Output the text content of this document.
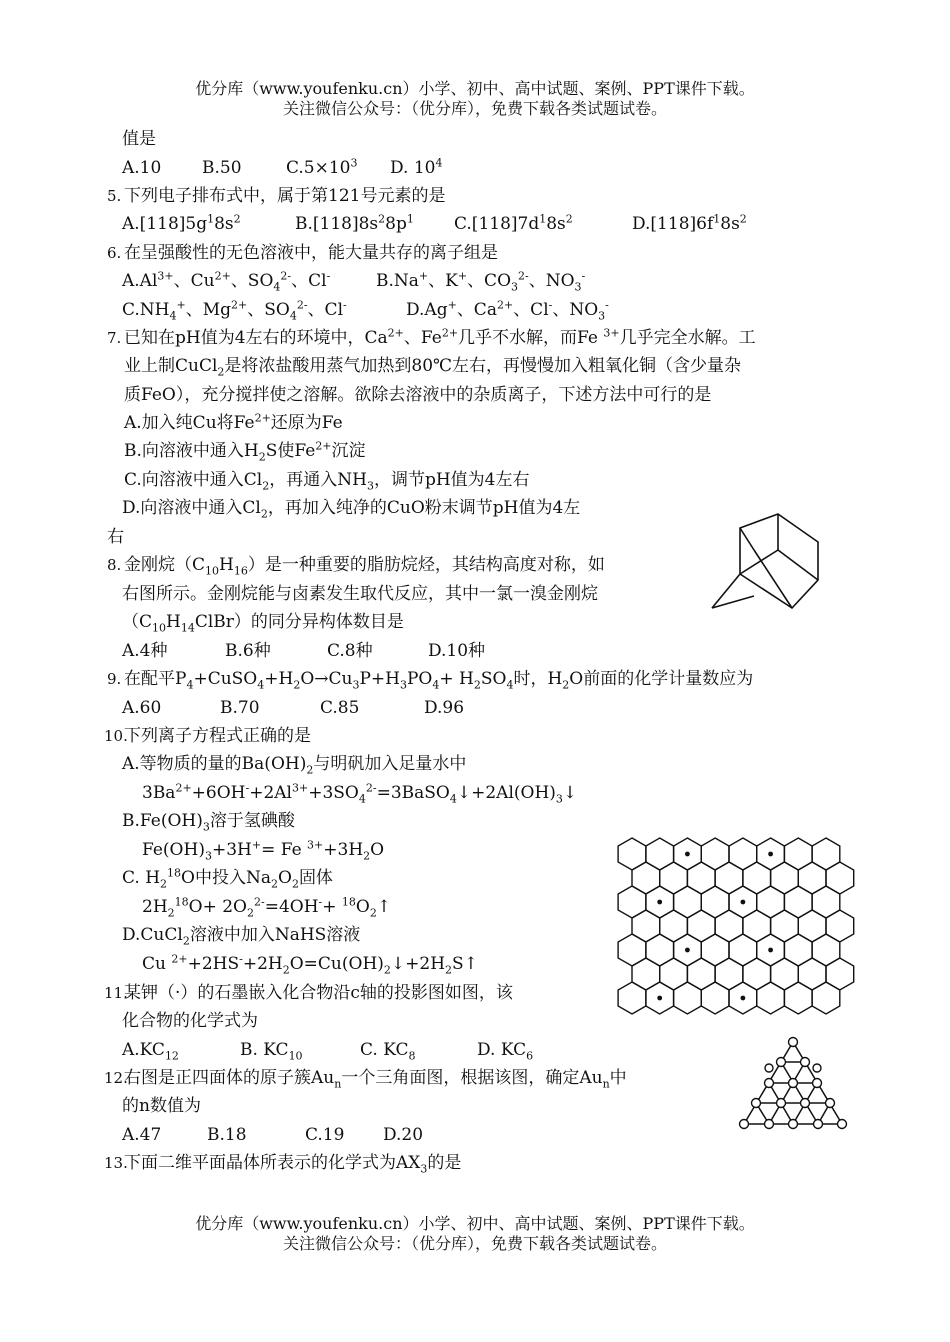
优分库（www.youfenku.cn）小学、初中、高中试题、案例、PPT课件下载。
关注微信公众号：（优分库），免费下载各类试题试卷。
值是
A.10 B.50	$C.5\times 10^3$ D. $10^4$
5. 下列电子排布式中，属于第121号元素的是
$A.[118]5g^18s^2$	$B.[118]8s^28p^1$ $C.[118]7d^18s^2$	$D.[118]6f^18s^2$
6. 在呈强酸性的无色溶液中，能大量共存的离子组是
$A.Al^{3+}$、$Cu^{2+}$、$SO_4^{2-}$、Cl-	B.Na+、K+、$CO_3^{2-}$、$NO_3^-$
$C.NH_4^+$、$Mg^{2+}$、$SO_4^{2-}$、Cl-	D.Ag+、$Ca^{2+}$、Cl-、$NO_3^-$
7. 已知在pH值为4左右的环境中，$Ca^{2+}$、$Fe^{2+}$几乎不水解，而Fe $^{3+}$几乎完全水解。工
业上制CuCl$_2$是将浓盐酸用蒸气加热到80℃左右，再慢慢加入粗氧化铜（含少量杂
质FeO），充分搅拌使之溶解。欲除去溶液中的杂质离子，下述方法中可行的是
A.加入纯Cu将$Fe^{2+}$还原为Fe
B.向溶液中通入$H_2S$使$Fe^{2+}$沉淀
C.向溶液中通入$Cl_2$，再通入$NH_3$，调节pH值为4左右
D.向溶液中通入$Cl_2$，再加入纯净的CuO粉末调节pH值为4左
右
8. 金刚烷$(C_{10}H_{16})$是一种重要的脂肪烷烃，其结构高度对称，如
右图所示。金刚烷能与卤素发生取代反应，其中一氯一溴金刚烷
$(C_{10}H_{14}ClBr)$的同分异构体数目是
A.4种	B.6种	C.8种	D.10种
9. 在配平$P_4+CuSO_4+H_2O\to Cu_3P+H_3PO_4+ H_2SO_4$时，$H_2O$前面的化学计量数应为
A.60	B.70	C.85	D.96
10.
下列离子方程式正确的是
A.等物质的量的$Ba(OH)_2$与明矾加入足量水中
$3Ba^{2+}+6OH^-+2Al^{3+}+3SO_4^{2-}=3BaSO_4↓+2Al(OH)_3↓$
$B.Fe(OH)_3$溶于氢碘酸
$Fe(OH)_3+3H^+= Fe$ $^{3+}+3H_2O$
C. $H_2^{18}O$中投入$Na_2O_2$固体
$2H_2^{18}O+ 2O_2^{2-}=4OH^-+$ $^{18}O_2↑$
D.CuCl$_2$溶液中加入NaHS溶液
Cu $^{2+}+2HS^-+2H_2O=Cu(OH)_2↓+2H_2S↑$
11.
某钾（·）的石墨嵌入化合物沿c轴的投影图如图，该
化合物的化学式为
$A.KC_{12}$	B. $KC_{10}$	C. $KC_8$	D. $KC_6$
12.
右图是正四面体的原子簇$Au_n$一个三角面图，根据该图，确定$Au_n$中
的n数值为
A.47	B.18	C.19 D.20
13.
下面二维平面晶体所表示的化学式为$AX_3$的是
优分库（www.youfenku.cn）小学、初中、高中试题、案例、PPT课件下载。
关注微信公众号：（优分库），免费下载各类试题试卷。
